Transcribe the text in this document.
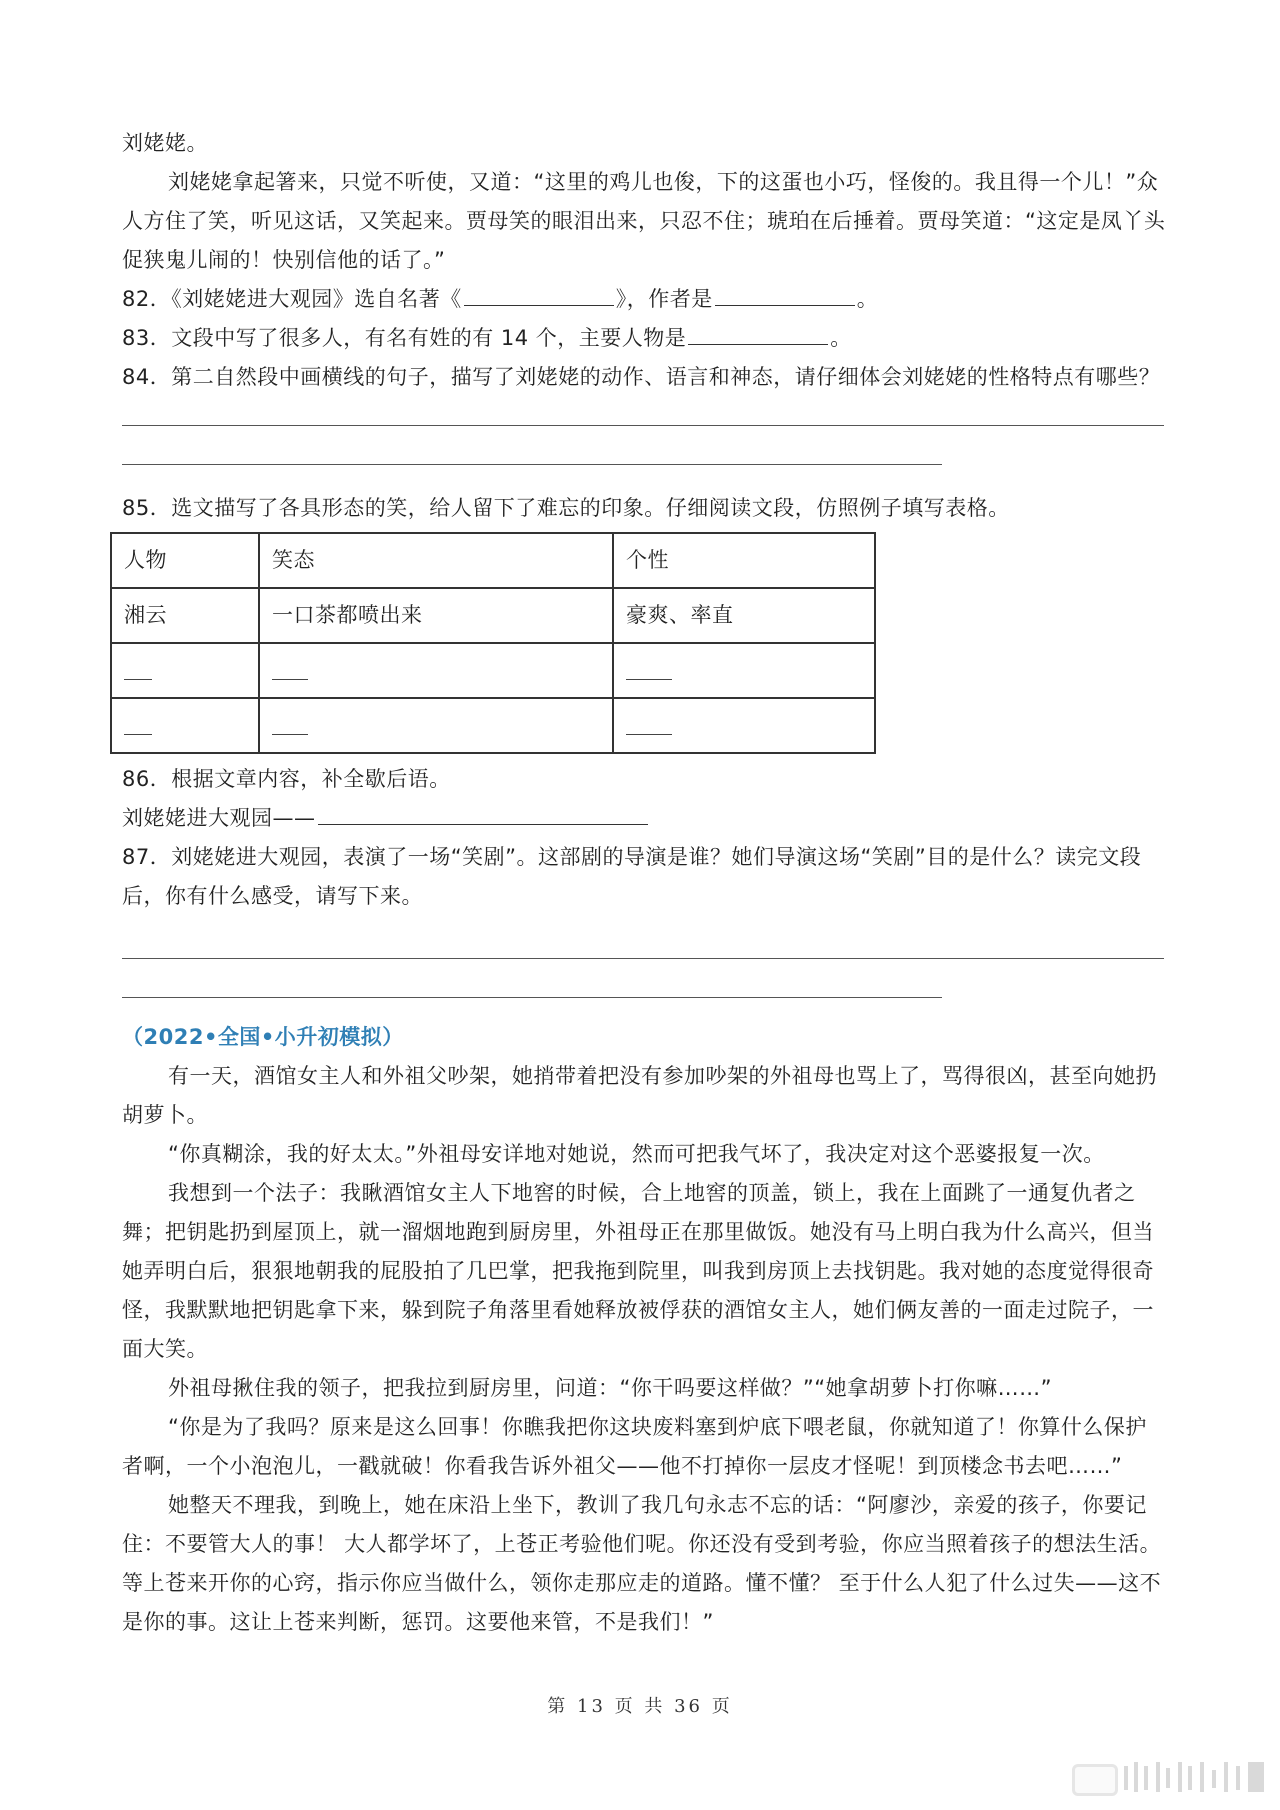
刘姥姥。

刘姥姥拿起箸来，只觉不听使，又道：“这里的鸡儿也俊，下的这蛋也小巧，怪俊的。我且得一个儿！”众人方住了笑，听见这话，又笑起来。贾母笑的眼泪出来，只忍不住；琥珀在后捶着。贾母笑道：“这定是凤丫头促狭鬼儿闹的！快别信他的话了。”

82．《刘姥姥进大观园》选自名著《	》，作者是	。

83．文段中写了很多人，有名有姓的有 14 个，主要人物是	。

84．第二自然段中画横线的句子，描写了刘姥姥的动作、语言和神态，请仔细体会刘姥姥的性格特点有哪些？

85．选文描写了各具形态的笑，给人留下了难忘的印象。仔细阅读文段，仿照例子填写表格。

人物	笑态	个性
湘云	一口茶都喷出来	豪爽、率直

86．根据文章内容，补全歇后语。

刘姥姥进大观园——

87．刘姥姥进大观园，表演了一场“笑剧”。这部剧的导演是谁？她们导演这场“笑剧”目的是什么？读完文段后，你有什么感受，请写下来。

（2022•全国•小升初模拟）

有一天，酒馆女主人和外祖父吵架，她捎带着把没有参加吵架的外祖母也骂上了，骂得很凶，甚至向她扔胡萝卜。

“你真糊涂，我的好太太。”外祖母安详地对她说，然而可把我气坏了，我决定对这个恶婆报复一次。

我想到一个法子：我瞅酒馆女主人下地窖的时候，合上地窖的顶盖，锁上，我在上面跳了一通复仇者之舞；把钥匙扔到屋顶上，就一溜烟地跑到厨房里，外祖母正在那里做饭。她没有马上明白我为什么高兴，但当她弄明白后，狠狠地朝我的屁股拍了几巴掌，把我拖到院里，叫我到房顶上去找钥匙。我对她的态度觉得很奇怪，我默默地把钥匙拿下来，躲到院子角落里看她释放被俘获的酒馆女主人，她们俩友善的一面走过院子，一面大笑。

外祖母揪住我的领子，把我拉到厨房里，问道：“你干吗要这样做？”“她拿胡萝卜打你嘛……”

“你是为了我吗？原来是这么回事！你瞧我把你这块废料塞到炉底下喂老鼠，你就知道了！你算什么保护者啊，一个小泡泡儿，一戳就破！你看我告诉外祖父——他不打掉你一层皮才怪呢！到顶楼念书去吧……”

她整天不理我，到晚上，她在床沿上坐下，教训了我几句永志不忘的话：“阿廖沙，亲爱的孩子，你要记住：不要管大人的事！ 大人都学坏了，上苍正考验他们呢。你还没有受到考验，你应当照着孩子的想法生活。等上苍来开你的心窍，指示你应当做什么，领你走那应走的道路。懂不懂？ 至于什么人犯了什么过失——这不是你的事。这让上苍来判断，惩罚。这要他来管，不是我们！”

第 13 页 共 36 页
